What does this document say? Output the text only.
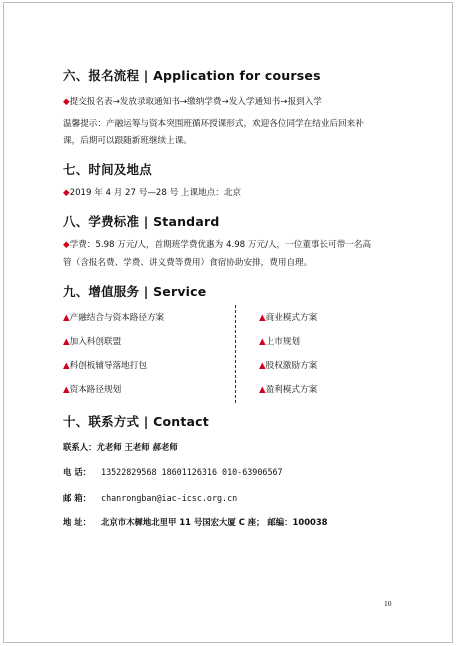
六、报名流程 | Application for courses
◆提交报名表→发放录取通知书→缴纳学费→发入学通知书→报到入学
温馨提示：产融运筹与资本突围班循环授课形式，欢迎各位同学在结业后回来补
课，后期可以跟随新班继续上课。
七、时间及地点
◆2019 年 4 月 27 号—28 号 上课地点：北京
八、学费标准 | Standard
◆学费：5.98 万元/人，首期班学费优惠为 4.98 万元/人，一位董事长可带一名高
管（含报名费、学费、讲义费等费用）食宿协助安排，费用自理。
九、增值服务 | Service
▲产融结合与资本路径方案	▲商业模式方案
▲加入科创联盟	▲上市规划
▲科创板辅导落地打包	▲股权激励方案
▲资本路径规划	▲盈利模式方案
十、联系方式 | Contact
联系人：尤老师 王老师 郝老师
电 话： 13522829568 18601126316 010-63906567
邮 箱： chanrongban@iac-icsc.org.cn
地 址： 北京市木樨地北里甲 11 号国宏大厦 C 座； 邮编：100038
10
